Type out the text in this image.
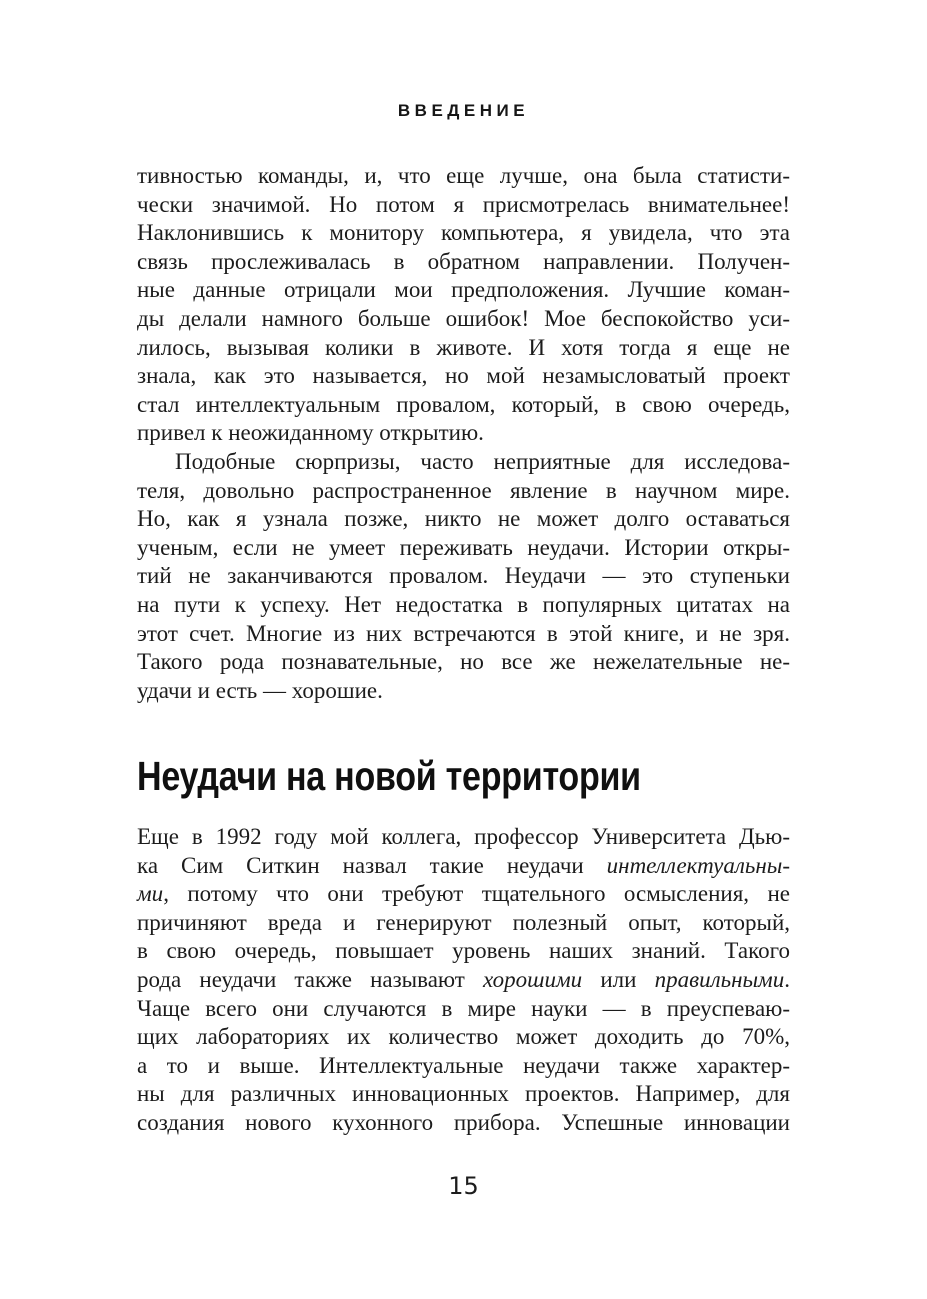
ВВЕДЕНИЕ
тивностью команды, и, что еще лучше, она была статисти-
чески значимой. Но потом я присмотрелась внимательнее!
Наклонившись к монитору компьютера, я увидела, что эта
связь прослеживалась в обратном направлении. Получен-
ные данные отрицали мои предположения. Лучшие коман-
ды делали намного больше ошибок! Мое беспокойство уси-
лилось, вызывая колики в животе. И хотя тогда я еще не
знала, как это называется, но мой незамысловатый проект
стал интеллектуальным провалом, который, в свою очередь,
привел к неожиданному открытию.
Подобные сюрпризы, часто неприятные для исследова-
теля, довольно распространенное явление в научном мире.
Но, как я узнала позже, никто не может долго оставаться
ученым, если не умеет переживать неудачи. Истории откры-
тий не заканчиваются провалом. Неудачи — это ступеньки
на пути к успеху. Нет недостатка в популярных цитатах на
этот счет. Многие из них встречаются в этой книге, и не зря.
Такого рода познавательные, но все же нежелательные не-
удачи и есть — хорошие.
Неудачи на новой территории
Еще в 1992 году мой коллега, профессор Университета Дью-
ка Сим Ситкин назвал такие неудачи интеллектуальны-
ми, потому что они требуют тщательного осмысления, не
причиняют вреда и генерируют полезный опыт, который,
в свою очередь, повышает уровень наших знаний. Такого
рода неудачи также называют хорошими или правильными.
Чаще всего они случаются в мире науки — в преуспеваю-
щих лабораториях их количество может доходить до 70%,
а то и выше. Интеллектуальные неудачи также характер-
ны для различных инновационных проектов. Например, для
создания нового кухонного прибора. Успешные инновации
15
